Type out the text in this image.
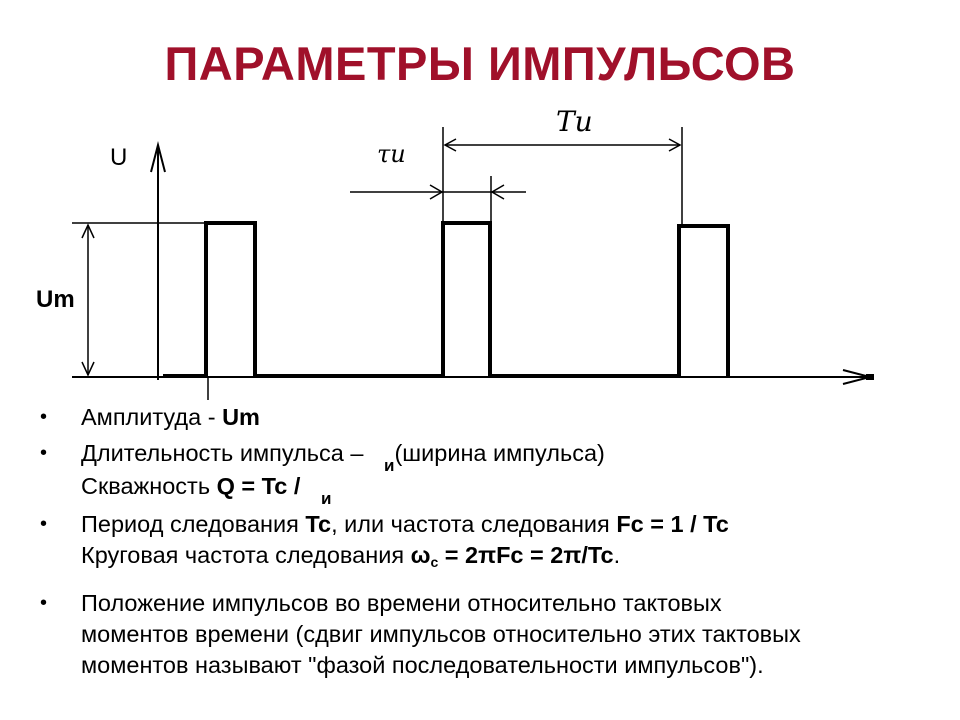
ПАРАМЕТРЫ ИМПУЛЬСОВ
U
Um
Tи
τи
• Амплитуда - Um
• Длительность импульса – $_и$(ширина импульса)
Скважность Q = Tc / $_и$
• Период следования Tc, или частота следования Fc = 1 / Tc
Круговая частота следования $\omega_c = 2\pi Fc = 2\pi/Tc$.
• Положение импульсов во времени относительно тактовых
моментов времени (сдвиг импульсов относительно этих тактовых
моментов называют "фазой последовательности импульсов").
